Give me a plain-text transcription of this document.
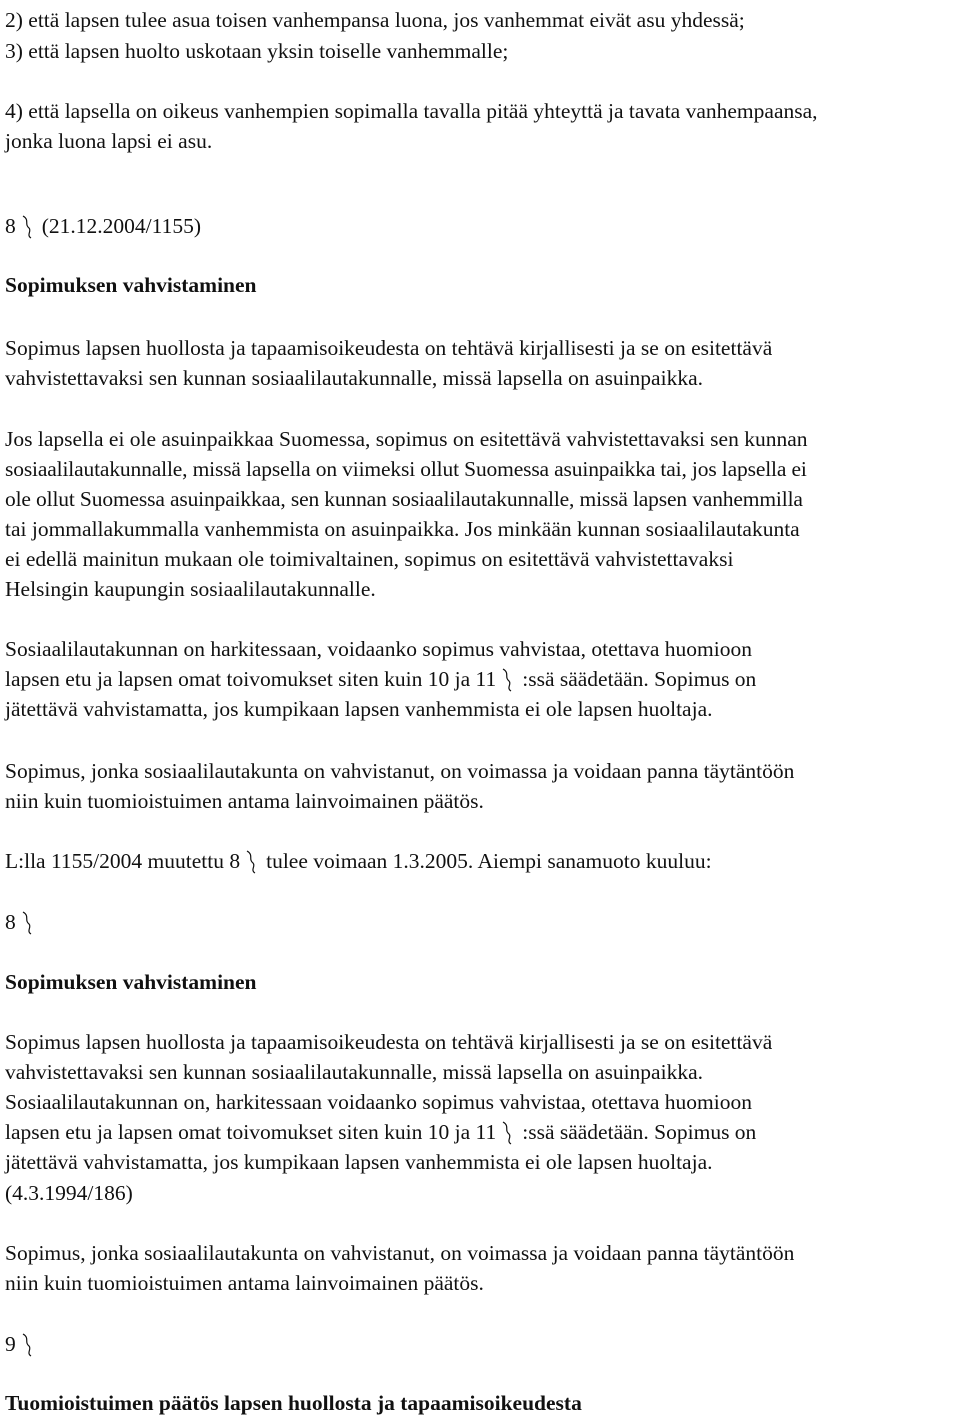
2) että lapsen tulee asua toisen vanhempansa luona, jos vanhemmat eivät asu yhdessä;
3) että lapsen huolto uskotaan yksin toiselle vanhemmalle;
4) että lapsella on oikeus vanhempien sopimalla tavalla pitää yhteyttä ja tavata vanhempaansa,
jonka luona lapsi ei asu.
8 (21.12.2004/1155)
Sopimuksen vahvistaminen
Sopimus lapsen huollosta ja tapaamisoikeudesta on tehtävä kirjallisesti ja se on esitettävä
vahvistettavaksi sen kunnan sosiaalilautakunnalle, missä lapsella on asuinpaikka.
Jos lapsella ei ole asuinpaikkaa Suomessa, sopimus on esitettävä vahvistettavaksi sen kunnan
sosiaalilautakunnalle, missä lapsella on viimeksi ollut Suomessa asuinpaikka tai, jos lapsella ei
ole ollut Suomessa asuinpaikkaa, sen kunnan sosiaalilautakunnalle, missä lapsen vanhemmilla
tai jommallakummalla vanhemmista on asuinpaikka. Jos minkään kunnan sosiaalilautakunta
ei edellä mainitun mukaan ole toimivaltainen, sopimus on esitettävä vahvistettavaksi
Helsingin kaupungin sosiaalilautakunnalle.
Sosiaalilautakunnan on harkitessaan, voidaanko sopimus vahvistaa, otettava huomioon
lapsen etu ja lapsen omat toivomukset siten kuin 10 ja 11 :ssä säädetään. Sopimus on
jätettävä vahvistamatta, jos kumpikaan lapsen vanhemmista ei ole lapsen huoltaja.
Sopimus, jonka sosiaalilautakunta on vahvistanut, on voimassa ja voidaan panna täytäntöön
niin kuin tuomioistuimen antama lainvoimainen päätös.
L:lla 1155/2004 muutettu 8 tulee voimaan 1.3.2005. Aiempi sanamuoto kuuluu:
8
Sopimuksen vahvistaminen
Sopimus lapsen huollosta ja tapaamisoikeudesta on tehtävä kirjallisesti ja se on esitettävä
vahvistettavaksi sen kunnan sosiaalilautakunnalle, missä lapsella on asuinpaikka.
Sosiaalilautakunnan on, harkitessaan voidaanko sopimus vahvistaa, otettava huomioon
lapsen etu ja lapsen omat toivomukset siten kuin 10 ja 11 :ssä säädetään. Sopimus on
jätettävä vahvistamatta, jos kumpikaan lapsen vanhemmista ei ole lapsen huoltaja.
(4.3.1994/186)
Sopimus, jonka sosiaalilautakunta on vahvistanut, on voimassa ja voidaan panna täytäntöön
niin kuin tuomioistuimen antama lainvoimainen päätös.
9
Tuomioistuimen päätös lapsen huollosta ja tapaamisoikeudesta
